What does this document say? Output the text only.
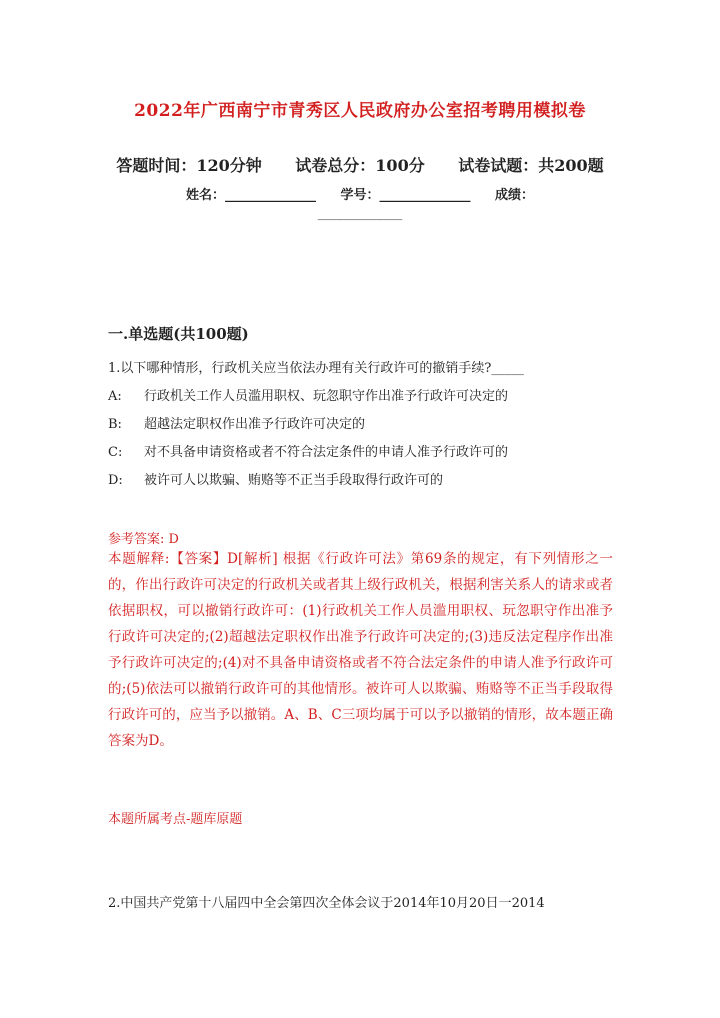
2022年广西南宁市青秀区人民政府办公室招考聘用模拟卷
答题时间：120分钟 试卷总分：100分 试卷试题：共200题
姓名：______________ 学号：______________ 成绩：
_____________
一.单选题(共100题)
1.以下哪种情形，行政机关应当依法办理有关行政许可的撤销手续?_____
A: 行政机关工作人员滥用职权、玩忽职守作出准予行政许可决定的
B: 超越法定职权作出准予行政许可决定的
C: 对不具备申请资格或者不符合法定条件的申请人准予行政许可的
D: 被许可人以欺骗、贿赂等不正当手段取得行政许可的
参考答案: D
本题解释:【答案】D[解析] 根据《行政许可法》第69条的规定，有下列情形之一的，作出行政许可决定的行政机关或者其上级行政机关，根据利害关系人的请求或者依据职权，可以撤销行政许可：(1)行政机关工作人员滥用职权、玩忽职守作出准予行政许可决定的;(2)超越法定职权作出准予行政许可决定的;(3)违反法定程序作出准予行政许可决定的;(4)对不具备申请资格或者不符合法定条件的申请人准予行政许可的;(5)依法可以撤销行政许可的其他情形。被许可人以欺骗、贿赂等不正当手段取得行政许可的，应当予以撤销。A、B、C三项均属于可以予以撤销的情形，故本题正确答案为D。
本题所属考点-题库原题
2.中国共产党第十八届四中全会第四次全体会议于2014年10月20日一2014
